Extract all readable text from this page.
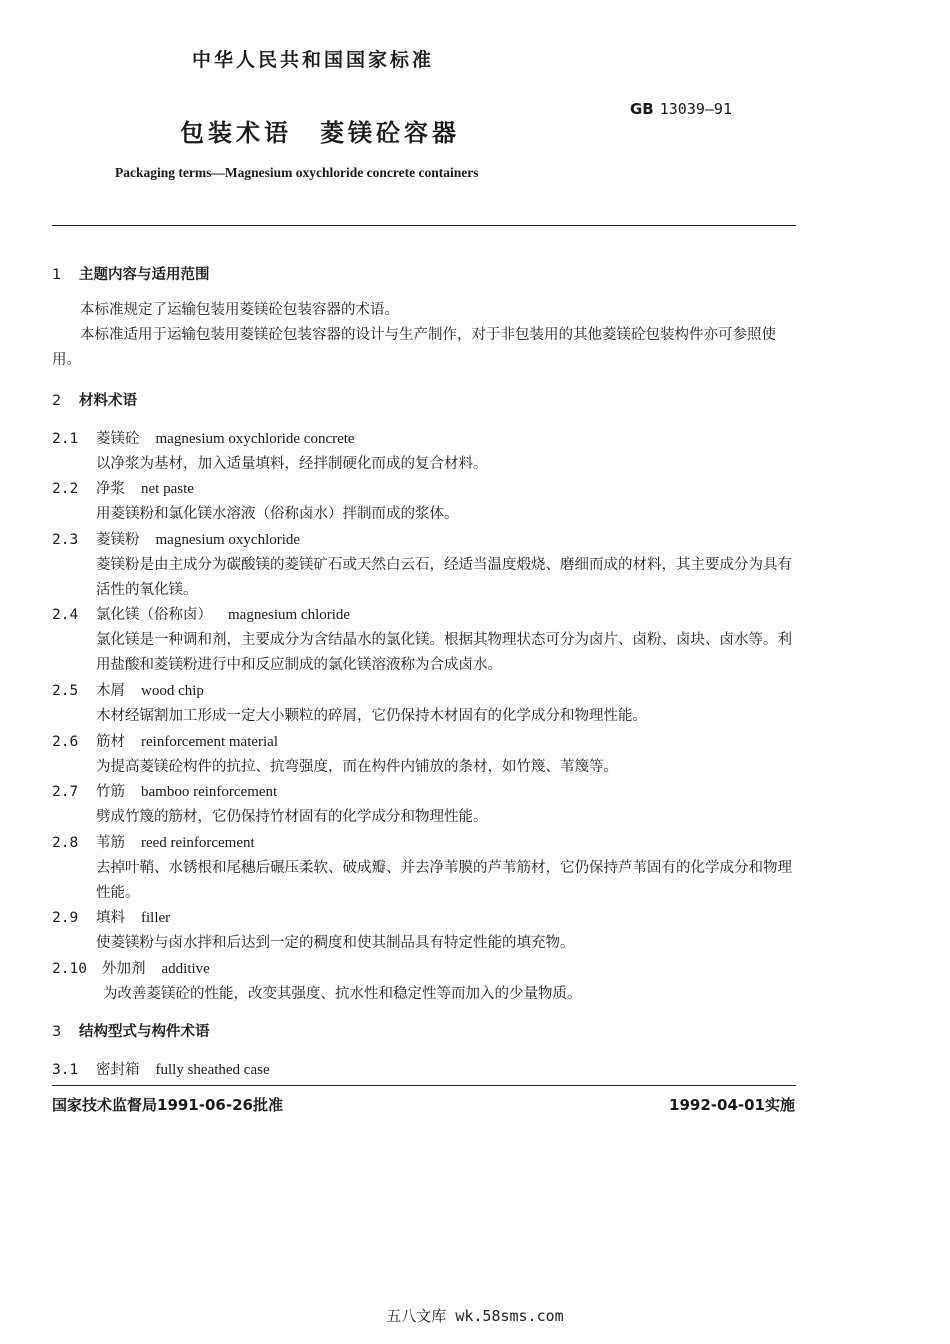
中华人民共和国国家标准
包装术语　菱镁砼容器
GB 13039—91
Packaging terms—Magnesium oxychloride concrete containers
1 主题内容与适用范围
本标准规定了运输包装用菱镁砼包装容器的术语。
本标准适用于运输包装用菱镁砼包装容器的设计与生产制作，对于非包装用的其他菱镁砼包装构件亦可参照使用。
2 材料术语
2.1 菱镁砼 magnesium oxychloride concrete
以净浆为基材，加入适量填料，经拌制硬化而成的复合材料。
2.2 净浆 net paste
用菱镁粉和氯化镁水溶液（俗称卤水）拌制而成的浆体。
2.3 菱镁粉 magnesium oxychloride
菱镁粉是由主成分为碳酸镁的菱镁矿石或天然白云石，经适当温度煅烧、磨细而成的材料，其主要成分为具有活性的氧化镁。
2.4 氯化镁（俗称卤） magnesium chloride
氯化镁是一种调和剂，主要成分为含结晶水的氯化镁。根据其物理状态可分为卤片、卤粉、卤块、卤水等。利用盐酸和菱镁粉进行中和反应制成的氯化镁溶液称为合成卤水。
2.5 木屑 wood chip
木材经锯割加工形成一定大小颗粒的碎屑，它仍保持木材固有的化学成分和物理性能。
2.6 筋材 reinforcement material
为提高菱镁砼构件的抗拉、抗弯强度，而在构件内铺放的条材，如竹篾、苇篾等。
2.7 竹筋 bamboo reinforcement
劈成竹篾的筋材，它仍保持竹材固有的化学成分和物理性能。
2.8 苇筋 reed reinforcement
去掉叶鞘、水锈根和尾穗后碾压柔软、破成瓣、并去净苇膜的芦苇筋材，它仍保持芦苇固有的化学成分和物理性能。
2.9 填料 filler
使菱镁粉与卤水拌和后达到一定的稠度和使其制品具有特定性能的填充物。
2.10 外加剂 additive
为改善菱镁砼的性能，改变其强度、抗水性和稳定性等而加入的少量物质。
3 结构型式与构件术语
3.1 密封箱 fully sheathed case
国家技术监督局1991-06-26批准	1992-04-01实施
五八文库 wk.58sms.com
